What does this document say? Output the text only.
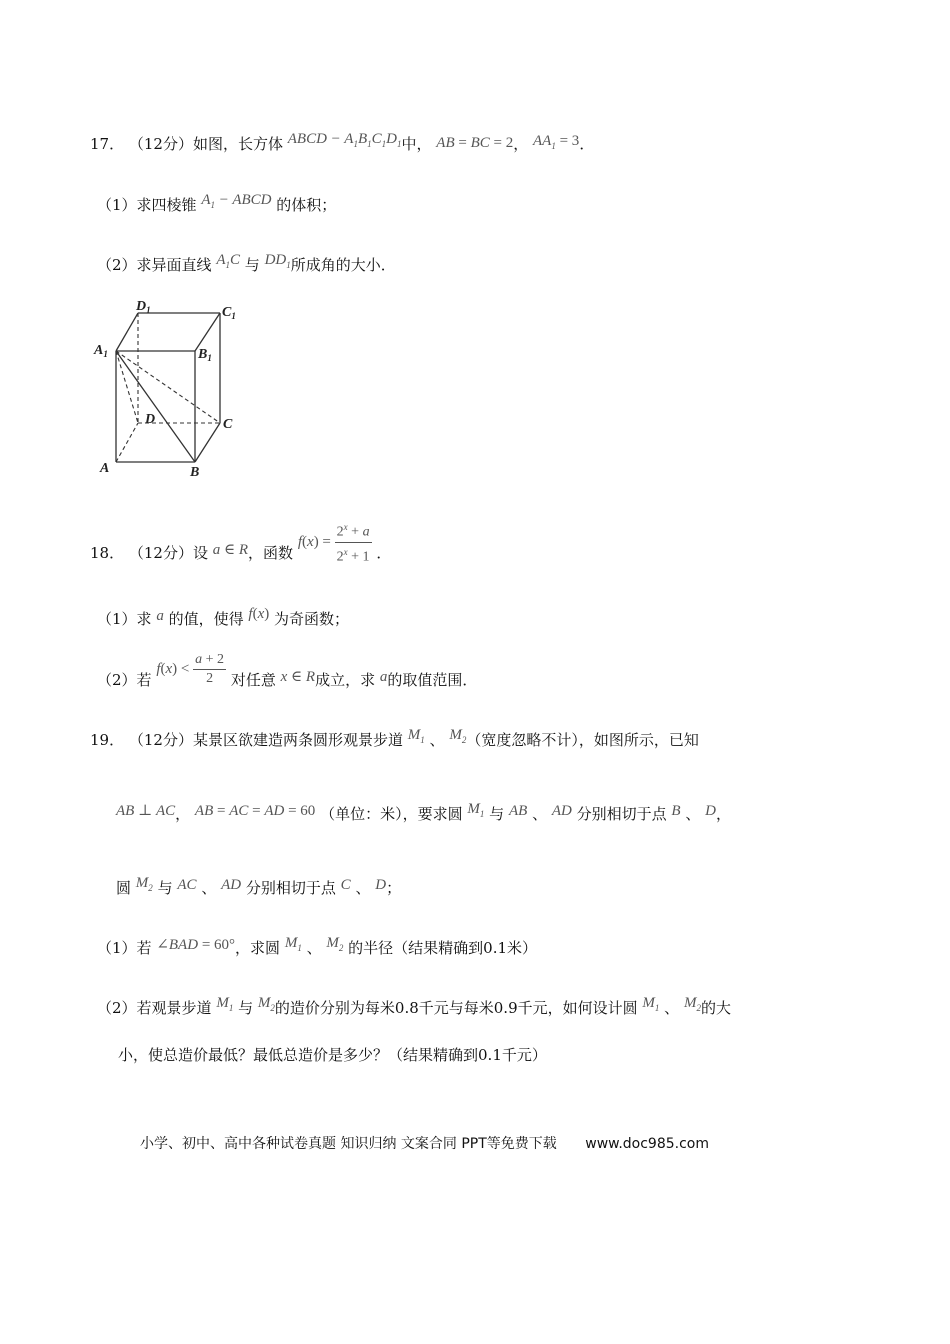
17． （12分）如图，长方体 ABCD − $A_1B_1C_1D_1$中， AB = BC = 2， $AA_1 = 3$．
（1）求四棱锥 $A_1$ − ABCD 的体积；
（2）求异面直线 $A_1C$ 与 $DD_1$所成角的大小．
$D_1$	$C_1$
$A_1$	$B_1$
D	C
A	B
18． （12分）设 a ∈ R，函数 $f(x) = \frac{2^x + a}{2^x + 1}$ ．
（1）求 a 的值，使得 f(x) 为奇函数；
（2）若 $f(x) < \frac{a + 2}{2}$ 对任意 x ∈ R成立，求 a的取值范围．
19． （12分）某景区欲建造两条圆形观景步道 $M_1$ 、 $M_2$（宽度忽略不计），如图所示，已知
AB ⊥ AC， AB = AC = AD = 60 （单位：米），要求圆 $M_1$ 与 AB 、 AD 分别相切于点 B 、 D，
圆 $M_2$ 与 AC 、 AD 分别相切于点 C 、 D；
（1）若 ∠BAD = 60°，求圆 $M_1$ 、 $M_2$ 的半径（结果精确到0.1米）
（2）若观景步道 $M_1$ 与 $M_2$的造价分别为每米0.8千元与每米0.9千元，如何设计圆 $M_1$ 、 $M_2$的大
小，使总造价最低？最低总造价是多少？（结果精确到0.1千元）
小学、初中、高中各种试卷真题 知识归纳 文案合同 PPT等免费下载 www.doc985.com
